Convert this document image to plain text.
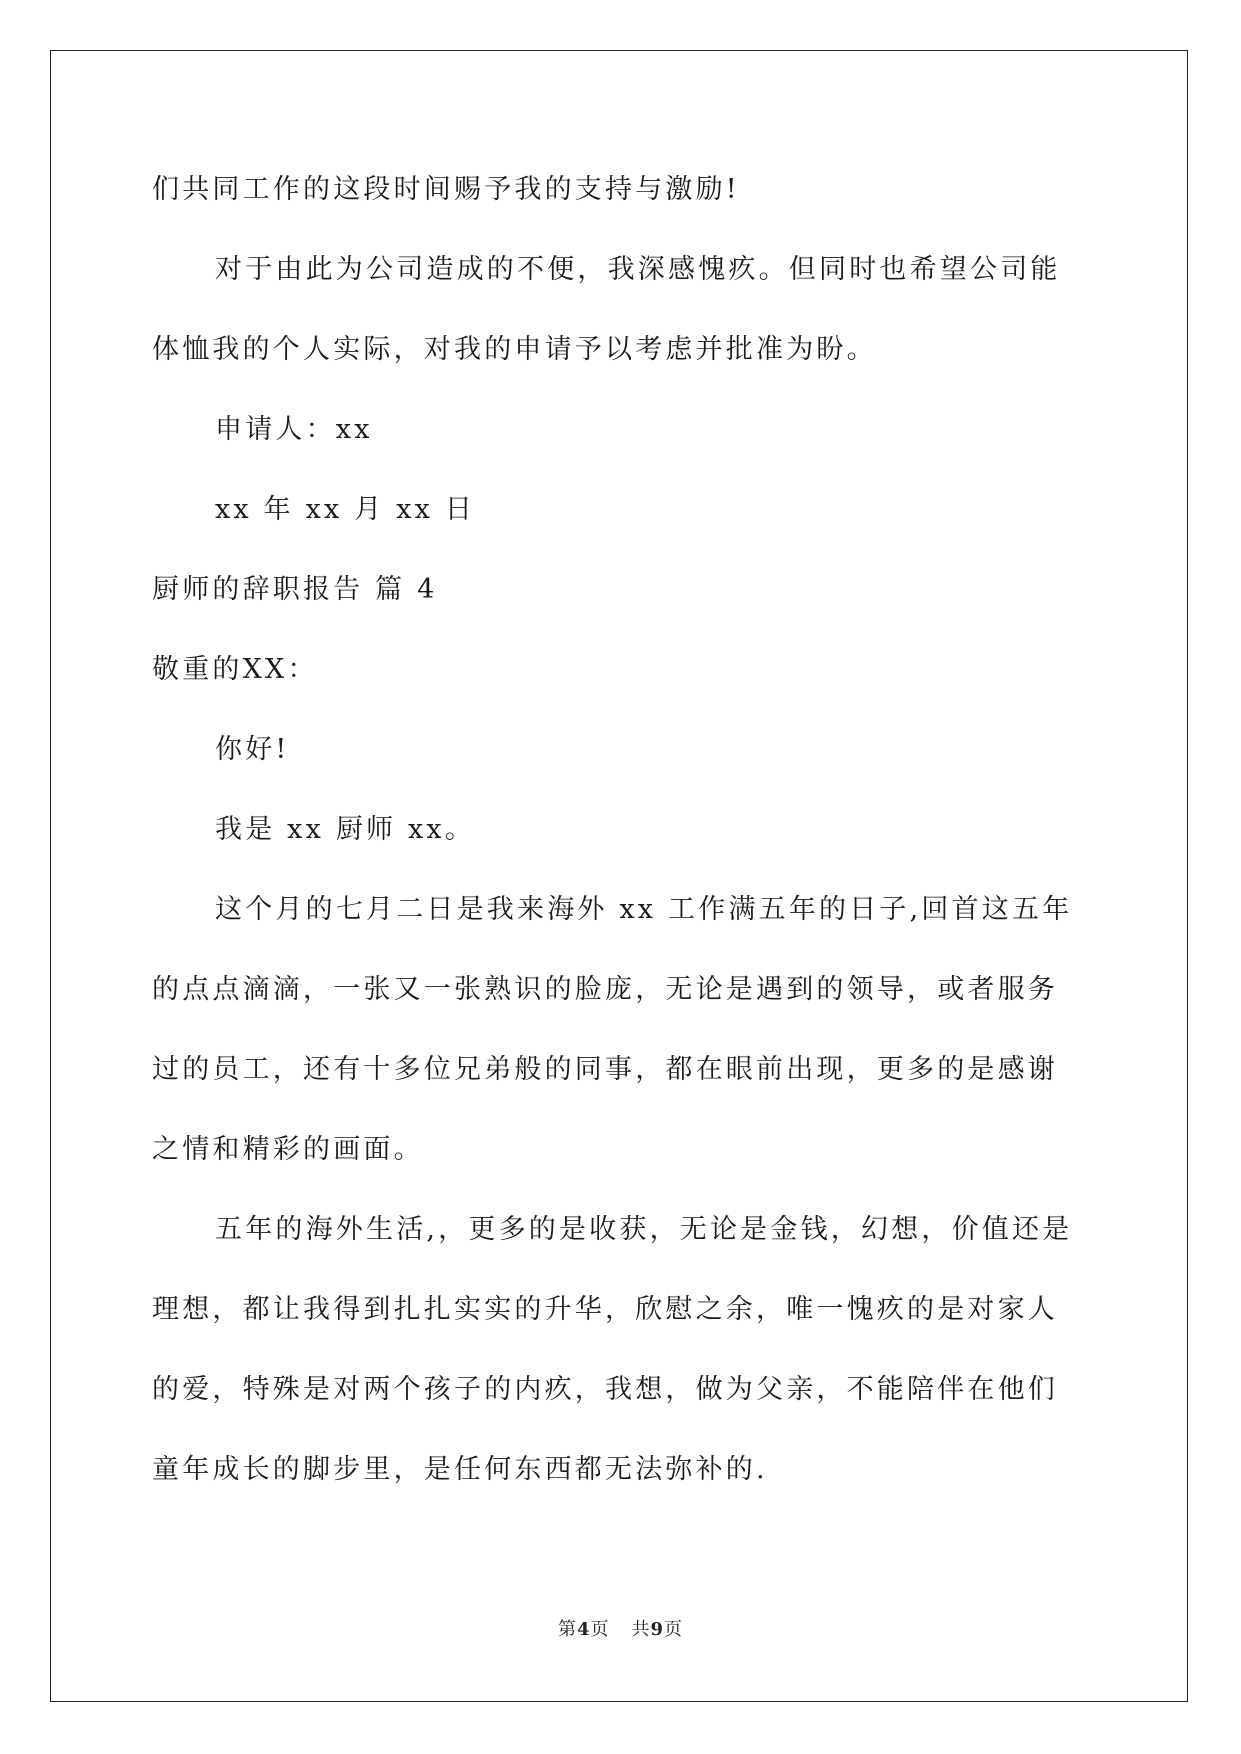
们共同工作的这段时间赐予我的支持与激励!
对于由此为公司造成的不便，我深感愧疚。但同时也希望公司能
体恤我的个人实际，对我的申请予以考虑并批准为盼。
申请人：xx
xx 年 xx 月 xx 日
厨师的辞职报告 篇 4
敬重的XX：
你好!
我是 xx 厨师 xx。
这个月的七月二日是我来海外 xx 工作满五年的日子,回首这五年
的点点滴滴，一张又一张熟识的脸庞，无论是遇到的领导，或者服务
过的员工，还有十多位兄弟般的同事，都在眼前出现，更多的是感谢
之情和精彩的画面。
五年的海外生活,，更多的是收获，无论是金钱，幻想，价值还是
理想，都让我得到扎扎实实的升华，欣慰之余，唯一愧疚的是对家人
的爱，特殊是对两个孩子的内疚，我想，做为父亲，不能陪伴在他们
童年成长的脚步里，是任何东西都无法弥补的.
第4页 共9页
